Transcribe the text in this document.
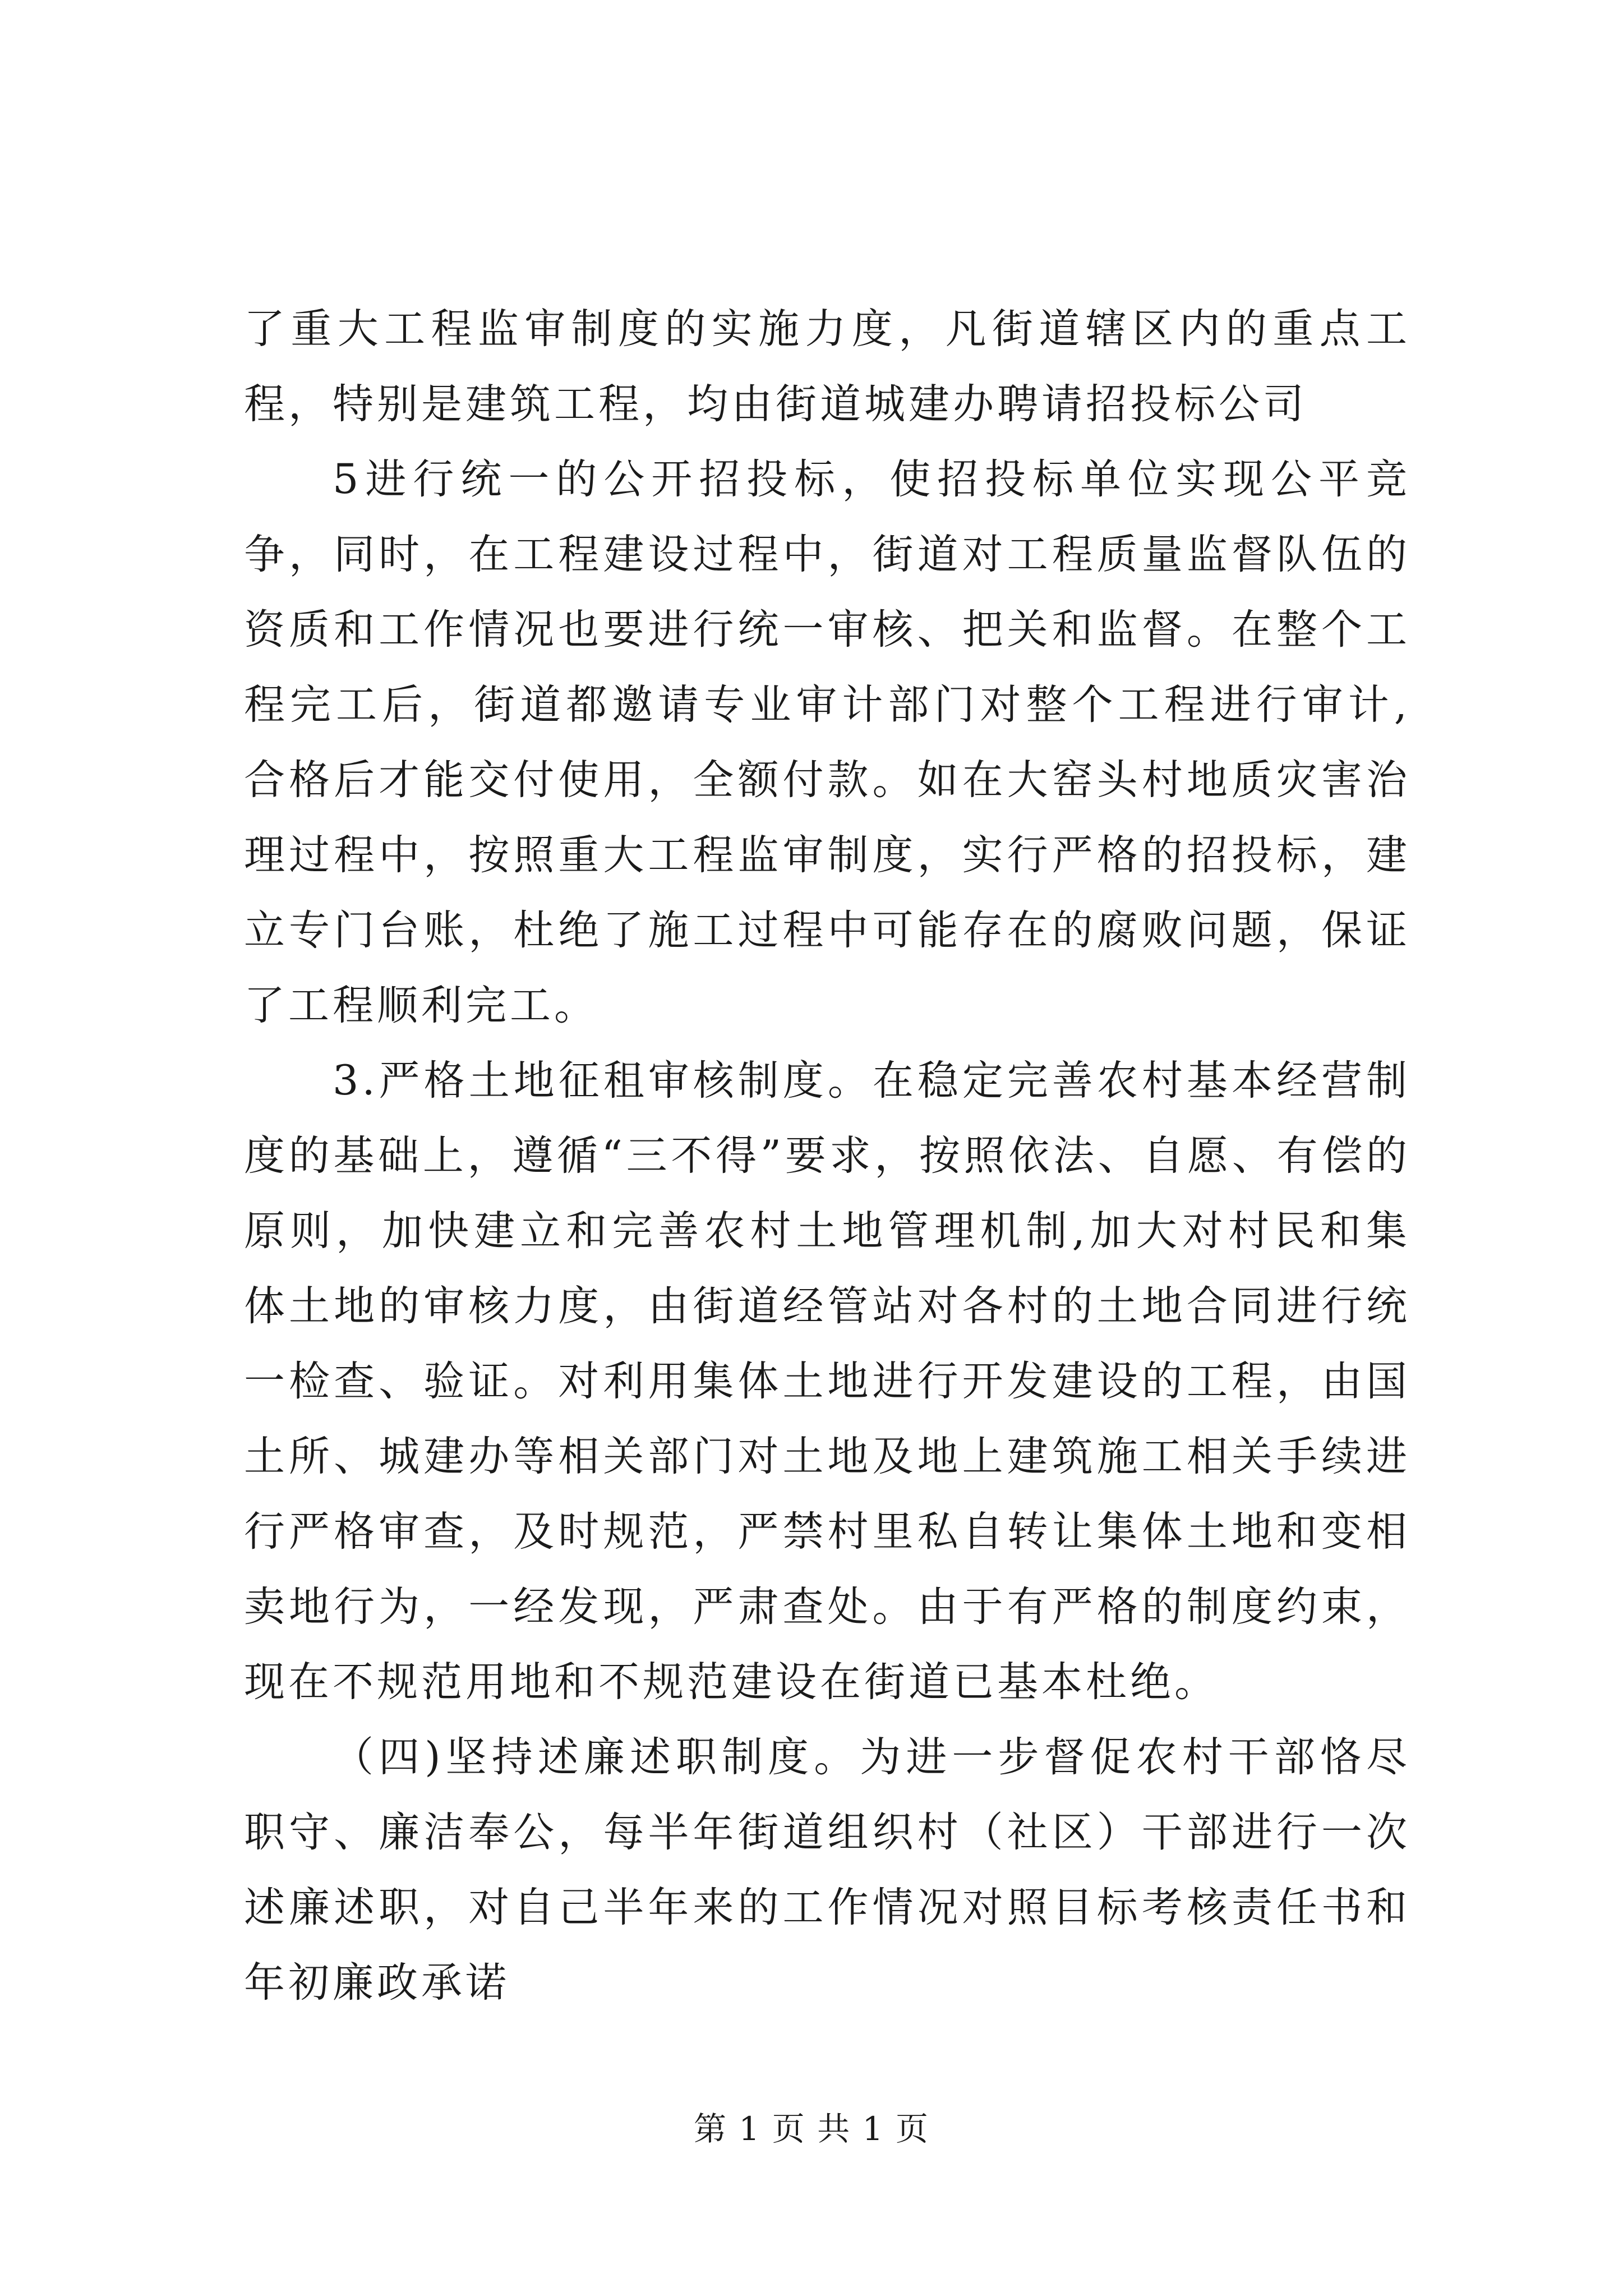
了重大工程监审制度的实施力度，凡街道辖区内的重点工程，特别是建筑工程，均由街道城建办聘请招投标公司

5进行统一的公开招投标，使招投标单位实现公平竞争，同时，在工程建设过程中，街道对工程质量监督队伍的资质和工作情况也要进行统一审核、把关和监督。在整个工程完工后，街道都邀请专业审计部门对整个工程进行审计,合格后才能交付使用，全额付款。如在大窑头村地质灾害治理过程中，按照重大工程监审制度，实行严格的招投标，建立专门台账，杜绝了施工过程中可能存在的腐败问题，保证了工程顺利完工。

3.严格土地征租审核制度。在稳定完善农村基本经营制度的基础上，遵循“三不得”要求，按照依法、自愿、有偿的原则，加快建立和完善农村土地管理机制,加大对村民和集体土地的审核力度，由街道经管站对各村的土地合同进行统一检查、验证。对利用集体土地进行开发建设的工程，由国土所、城建办等相关部门对土地及地上建筑施工相关手续进行严格审查，及时规范，严禁村里私自转让集体土地和变相卖地行为，一经发现，严肃查处。由于有严格的制度约束，现在不规范用地和不规范建设在街道已基本杜绝。

（四)坚持述廉述职制度。为进一步督促农村干部恪尽职守、廉洁奉公，每半年街道组织村（社区）干部进行一次述廉述职，对自己半年来的工作情况对照目标考核责任书和年初廉政承诺

第 1 页 共 1 页
